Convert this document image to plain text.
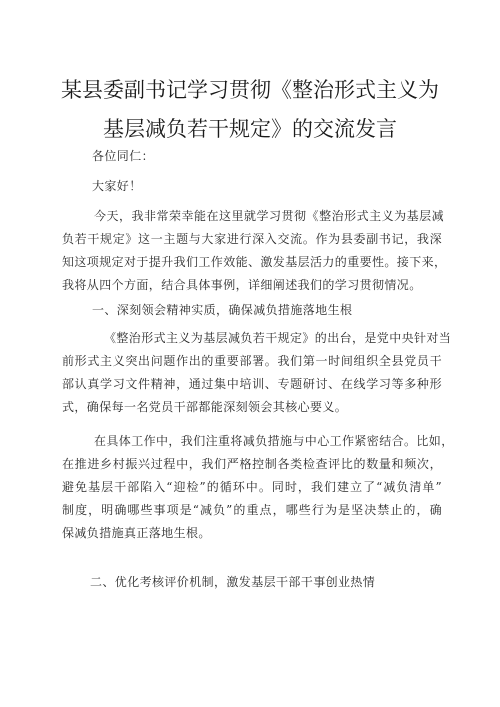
某县委副书记学习贯彻《整治形式主义为
基层减负若干规定》的交流发言
各位同仁：
大家好！
今天，我非常荣幸能在这里就学习贯彻《整治形式主义为基层减
负若干规定》这一主题与大家进行深入交流。作为县委副书记，我深
知这项规定对于提升我们工作效能、激发基层活力的重要性。接下来，
我将从四个方面，结合具体事例，详细阐述我们的学习贯彻情况。
一、深刻领会精神实质，确保减负措施落地生根
《整治形式主义为基层减负若干规定》的出台，是党中央针对当
前形式主义突出问题作出的重要部署。我们第一时间组织全县党员干
部认真学习文件精神，通过集中培训、专题研讨、在线学习等多种形
式，确保每一名党员干部都能深刻领会其核心要义。
在具体工作中，我们注重将减负措施与中心工作紧密结合。比如，
在推进乡村振兴过程中，我们严格控制各类检查评比的数量和频次，
避免基层干部陷入“迎检”的循环中。同时，我们建立了“减负清单”
制度，明确哪些事项是“减负”的重点，哪些行为是坚决禁止的，确
保减负措施真正落地生根。
二、优化考核评价机制，激发基层干部干事创业热情
